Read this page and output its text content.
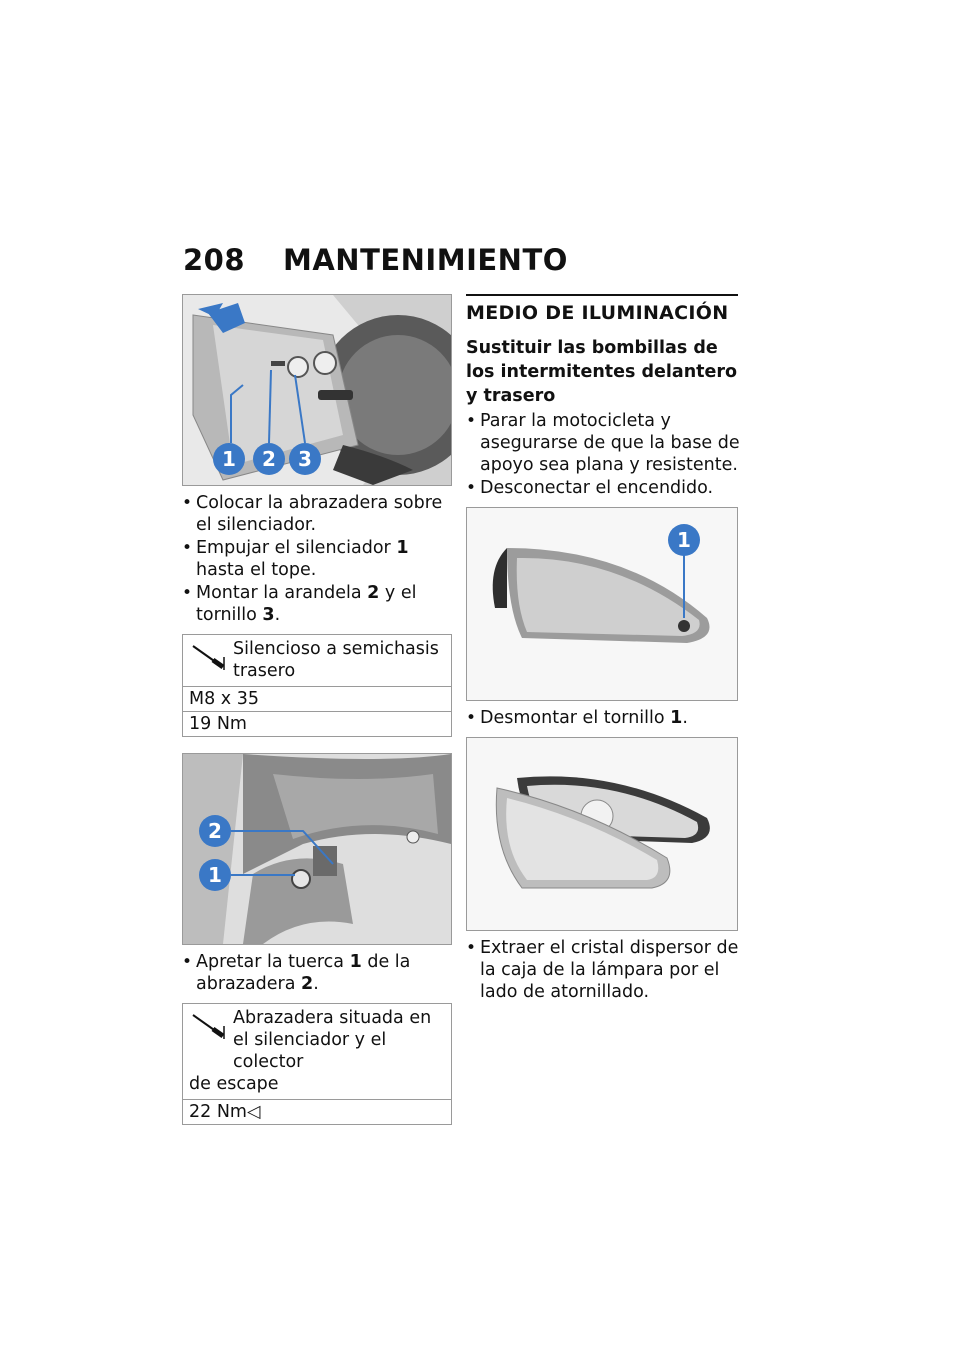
208 MANTENIMIENTO
1 2 3
• Colocar la abrazadera sobre el silenciador.
• Empujar el silenciador 1 hasta el tope.
• Montar la arandela 2 y el tornillo 3.
Silencioso a semichasis trasero
M8 x 35
19 Nm
2
1
• Apretar la tuerca 1 de la abrazadera 2.
Abrazadera situada en el silenciador y el colector
de escape
22 Nm◁
MEDIO DE ILUMINACIÓN
Sustituir las bombillas de
los intermitentes delantero
y trasero
• Parar la motocicleta y asegurarse de que la base de apoyo sea plana y resistente.
• Desconectar el encendido.
1
• Desmontar el tornillo 1.
• Extraer el cristal dispersor de la caja de la lámpara por el lado de atornillado.
